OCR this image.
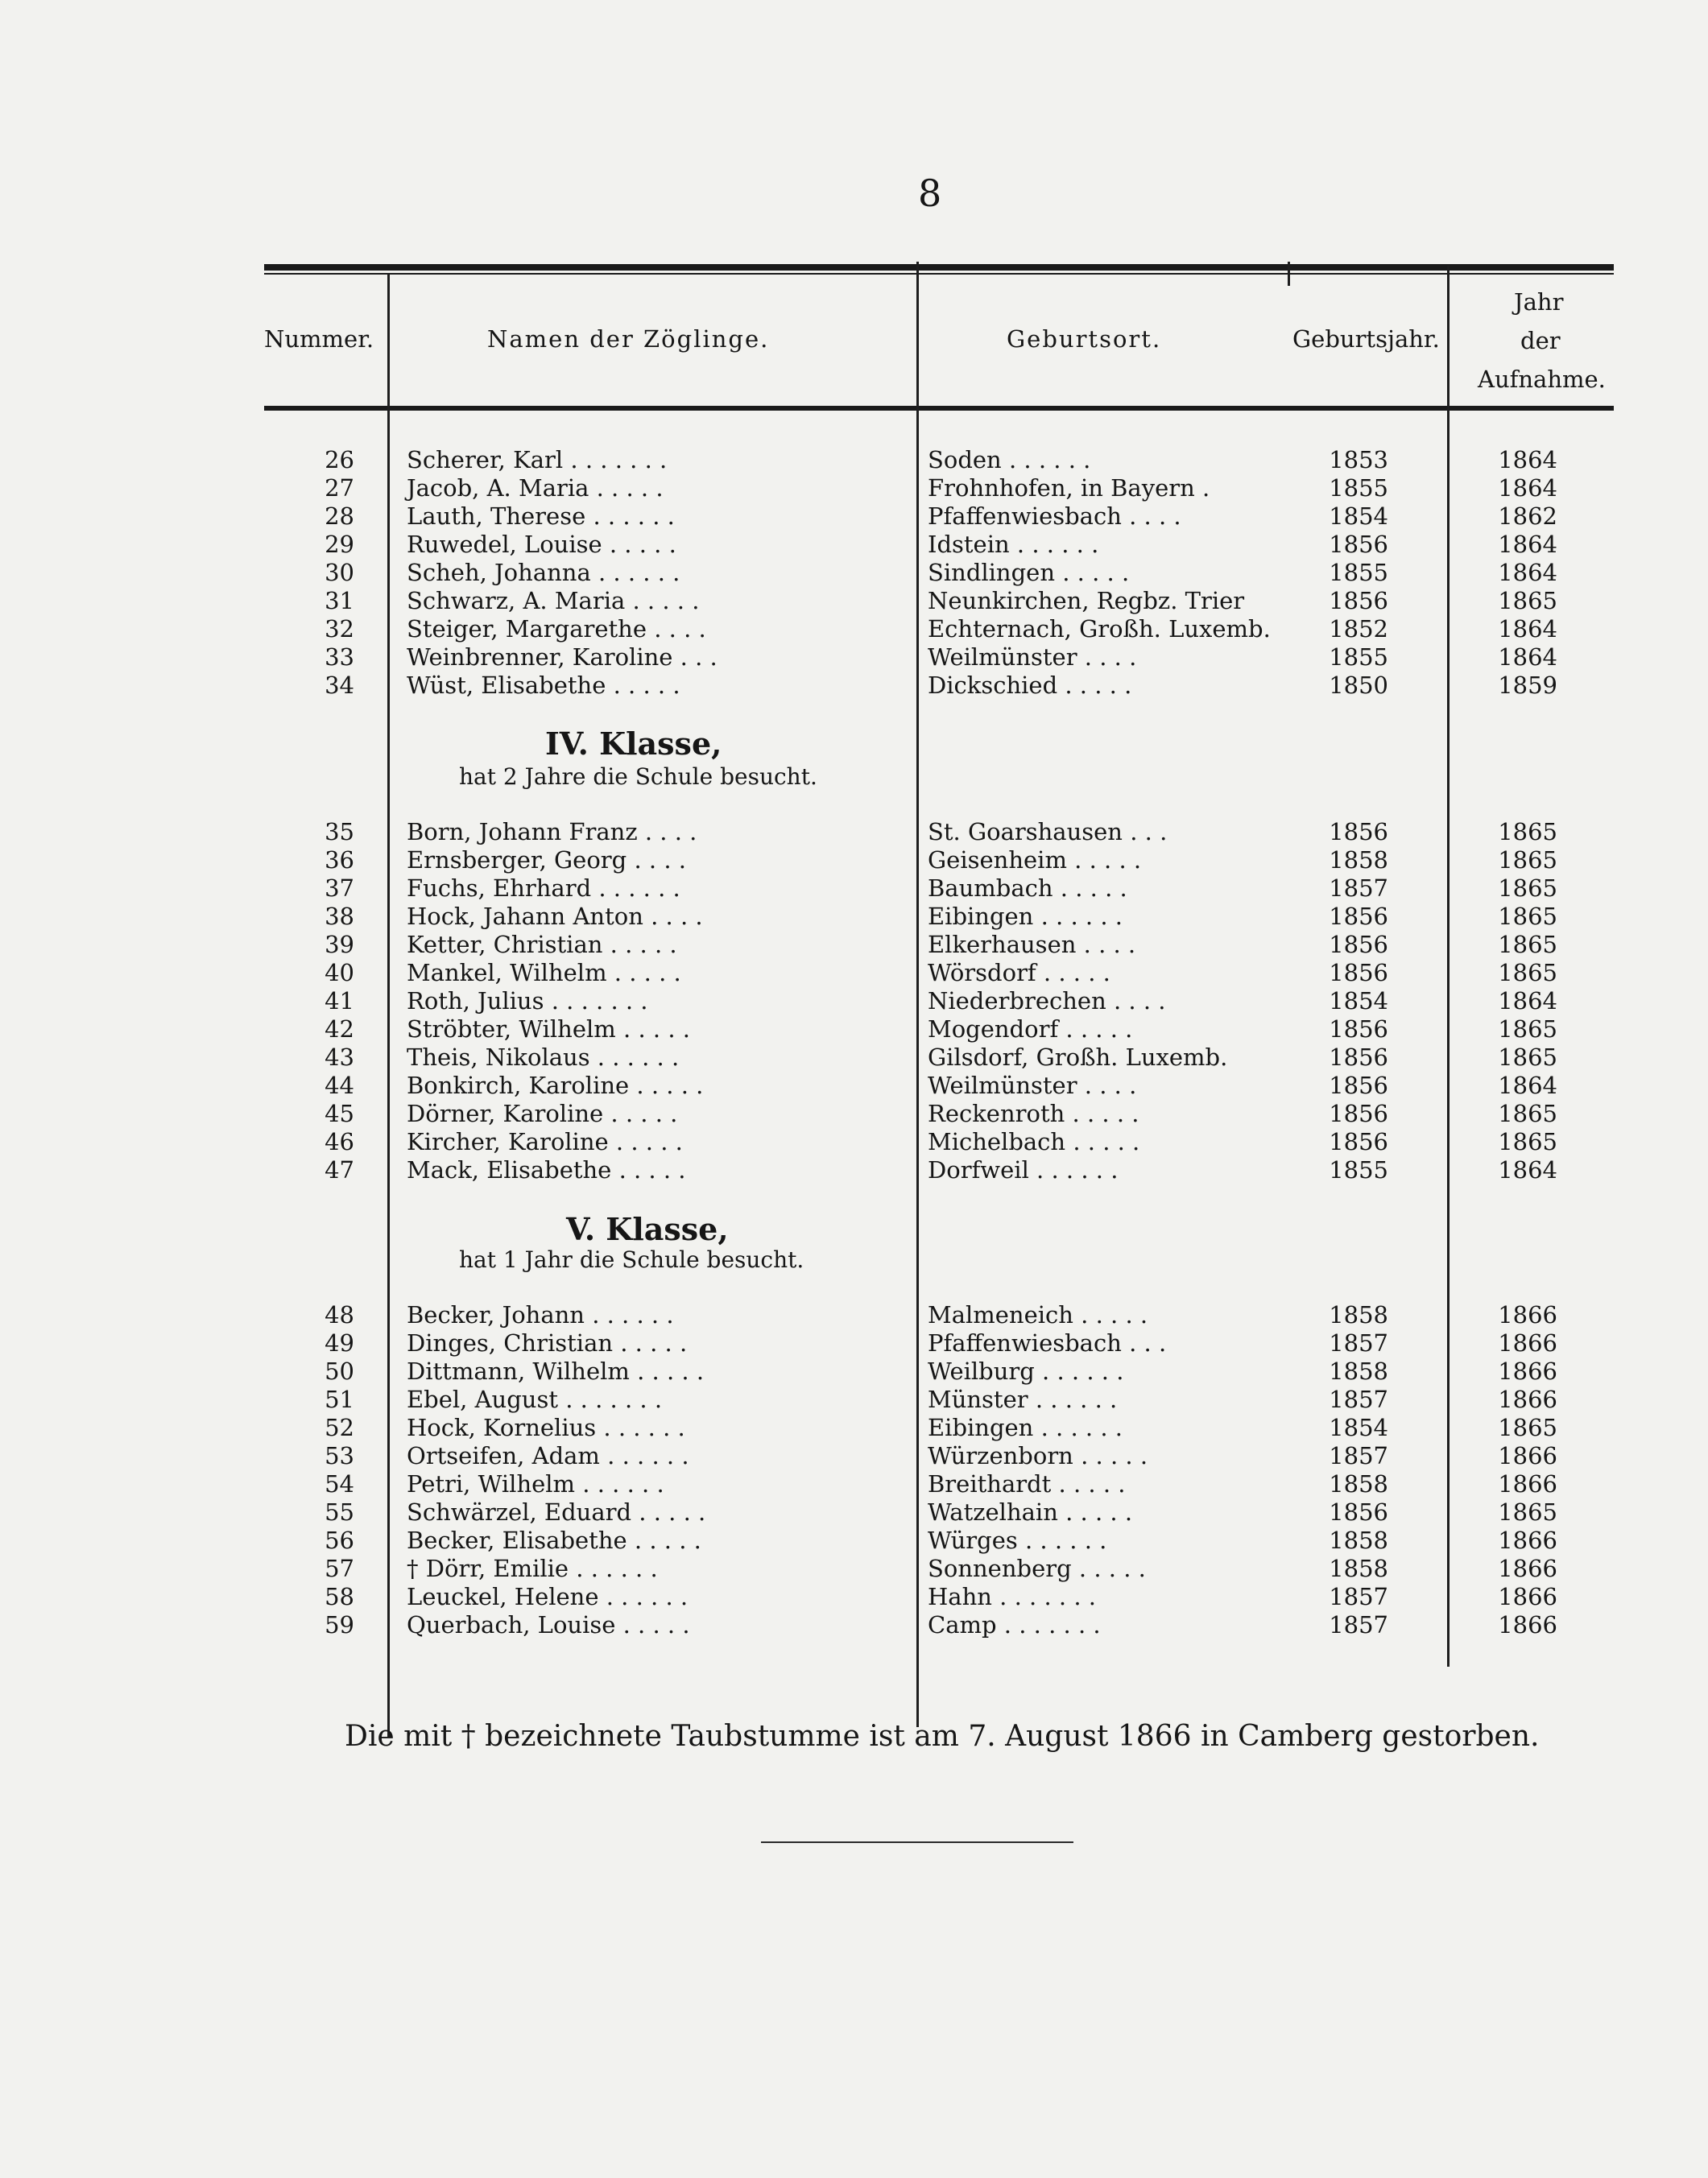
8
Nummer.	Namen der Zöglinge.	Geburtsort.	Geburtsjahr.
Jahr
der
Aufnahme.
26 Scherer, Karl . . . . . . .	Soden . . . . . .	1853	1864
27 Jacob, A. Maria . . . . .	Frohnhofen, in Bayern .	1855	1864
28 Lauth, Therese . . . . . .	Pfaffenwiesbach . . . .	1854	1862
29 Ruwedel, Louise . . . . .	Idstein . . . . . .	1856	1864
30 Scheh, Johanna . . . . . .	Sindlingen . . . . .	1855	1864
31 Schwarz, A. Maria . . . . .	Neunkirchen, Regbz. Trier	1856	1865
32 Steiger, Margarethe . . . .	Echternach, Großh. Luxemb.	1852	1864
33 Weinbrenner, Karoline . . .	Weilmünster . . . .	1855	1864
34 Wüst, Elisabethe . . . . .	Dickschied . . . . .	1850	1859
IV. Klasse,
hat 2 Jahre die Schule besucht.
35 Born, Johann Franz . . . .	St. Goarshausen . . .	1856	1865
36 Ernsberger, Georg . . . .	Geisenheim . . . . .	1858	1865
37 Fuchs, Ehrhard . . . . . .	Baumbach . . . . .	1857	1865
38 Hock, Jahann Anton . . . .	Eibingen . . . . . .	1856	1865
39 Ketter, Christian . . . . .	Elkerhausen . . . .	1856	1865
40 Mankel, Wilhelm . . . . .	Wörsdorf . . . . .	1856	1865
41 Roth, Julius . . . . . . .	Niederbrechen . . . .	1854	1864
42 Ströbter, Wilhelm . . . . .	Mogendorf . . . . .	1856	1865
43 Theis, Nikolaus . . . . . .	Gilsdorf, Großh. Luxemb.	1856	1865
44 Bonkirch, Karoline . . . . .	Weilmünster . . . .	1856	1864
45 Dörner, Karoline . . . . .	Reckenroth . . . . .	1856	1865
46 Kircher, Karoline . . . . .	Michelbach . . . . .	1856	1865
47 Mack, Elisabethe . . . . .	Dorfweil . . . . . .	1855	1864
V. Klasse,
hat 1 Jahr die Schule besucht.
48 Becker, Johann . . . . . .	Malmeneich . . . . .	1858	1866
49 Dinges, Christian . . . . .	Pfaffenwiesbach . . .	1857	1866
50 Dittmann, Wilhelm . . . . .	Weilburg . . . . . .	1858	1866
51 Ebel, August . . . . . . .	Münster . . . . . .	1857	1866
52 Hock, Kornelius . . . . . .	Eibingen . . . . . .	1854	1865
53 Ortseifen, Adam . . . . . .	Würzenborn . . . . .	1857	1866
54 Petri, Wilhelm . . . . . .	Breithardt . . . . .	1858	1866
55 Schwärzel, Eduard . . . . .	Watzelhain . . . . .	1856	1865
56 Becker, Elisabethe . . . . .	Würges . . . . . .	1858	1866
57 † Dörr, Emilie . . . . . .	Sonnenberg . . . . .	1858	1866
58 Leuckel, Helene . . . . . .	Hahn . . . . . . .	1857	1866
59 Querbach, Louise . . . . .	Camp . . . . . . .	1857	1866
Die mit † bezeichnete Taubstumme ist am 7. August 1866 in Camberg gestorben.
